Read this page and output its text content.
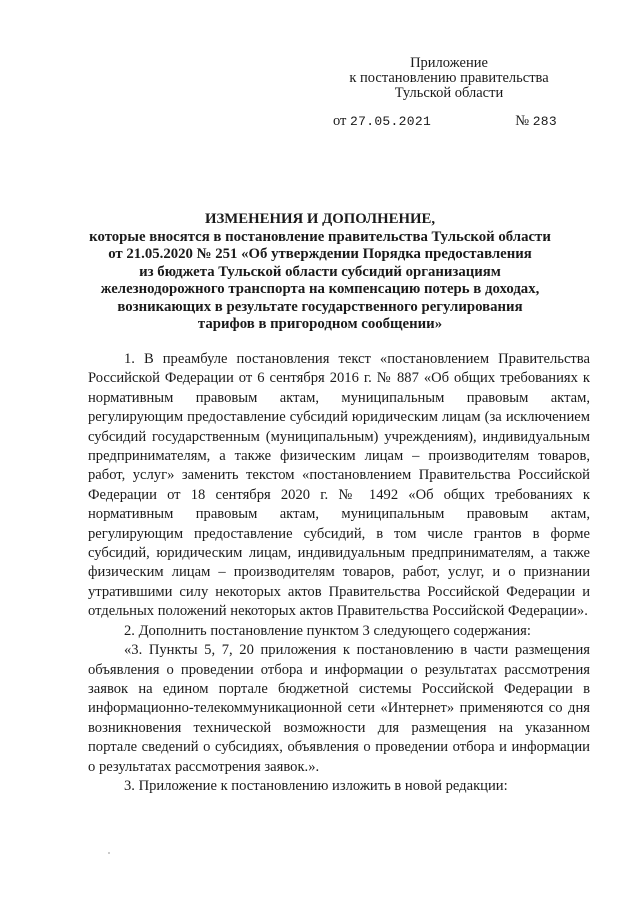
Приложение
к постановлению правительства
Тульской области
от 27.05.2021	№ 283
ИЗМЕНЕНИЯ И ДОПОЛНЕНИЕ,
которые вносятся в постановление правительства Тульской области
от 21.05.2020 № 251 «Об утверждении Порядка предоставления
из бюджета Тульской области субсидий организациям
железнодорожного транспорта на компенсацию потерь в доходах,
возникающих в результате государственного регулирования
тарифов в пригородном сообщении»

1. В преамбуле постановления текст «постановлением Правительства Российской Федерации от 6 сентября 2016 г. № 887 «Об общих требованиях к нормативным правовым актам, муниципальным правовым актам, регулирующим предоставление субсидий юридическим лицам (за исключением субсидий государственным (муниципальным) учреждениям), индивидуальным предпринимателям, а также физическим лицам – производителям товаров, работ, услуг» заменить текстом «постановлением Правительства Российской Федерации от 18 сентября 2020 г. № 1492 «Об общих требованиях к нормативным правовым актам, муниципальным правовым актам, регулирующим предоставление субсидий, в том числе грантов в форме субсидий, юридическим лицам, индивидуальным предпринимателям, а также физическим лицам – производителям товаров, работ, услуг, и о признании утратившими силу некоторых актов Правительства Российской Федерации и отдельных положений некоторых актов Правительства Российской Федерации».

2. Дополнить постановление пунктом 3 следующего содержания:

«3. Пункты 5, 7, 20 приложения к постановлению в части размещения объявления о проведении отбора и информации о результатах рассмотрения заявок на едином портале бюджетной системы Российской Федерации в информационно-телекоммуникационной сети «Интернет» применяются со дня возникновения технической возможности для размещения на указанном портале сведений о субсидиях, объявления о проведении отбора и информации о результатах рассмотрения заявок.».

3. Приложение к постановлению изложить в новой редакции:
